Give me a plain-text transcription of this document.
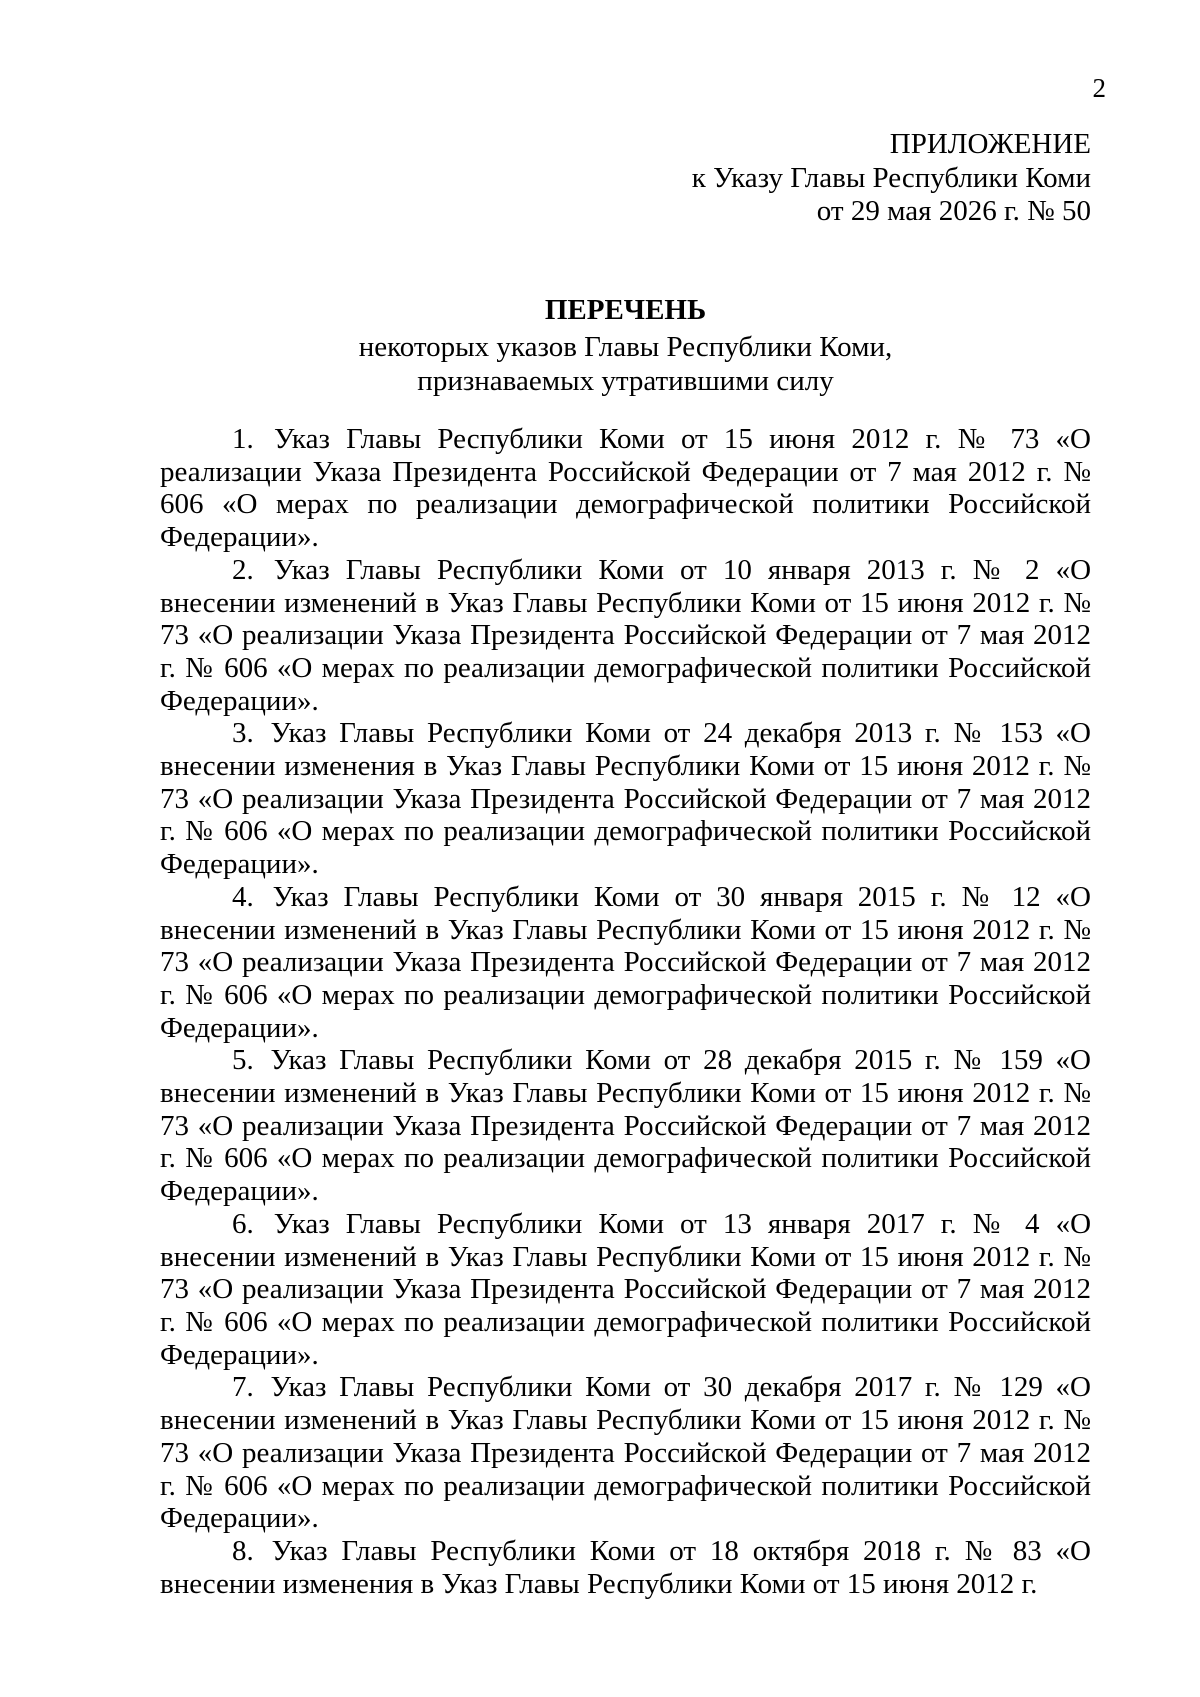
2
ПРИЛОЖЕНИЕ
к Указу Главы Республики Коми
от 29 мая 2026 г. № 50
ПЕРЕЧЕНЬ
некоторых указов Главы Республики Коми,
признаваемых утратившими силу

1. Указ Главы Республики Коми от 15 июня 2012 г. № 73 «О реализации Указа Президента Российской Федерации от 7 мая 2012 г. № 606 «О мерах по реализации демографической политики Российской Федерации».

2. Указ Главы Республики Коми от 10 января 2013 г. № 2 «О внесении изменений в Указ Главы Республики Коми от 15 июня 2012 г. № 73 «О реализации Указа Президента Российской Федерации от 7 мая 2012 г. № 606 «О мерах по реализации демографической политики Российской Федерации».

3. Указ Главы Республики Коми от 24 декабря 2013 г. № 153 «О внесении изменения в Указ Главы Республики Коми от 15 июня 2012 г. № 73 «О реализации Указа Президента Российской Федерации от 7 мая 2012 г. № 606 «О мерах по реализации демографической политики Российской Федерации».

4. Указ Главы Республики Коми от 30 января 2015 г. № 12 «О внесении изменений в Указ Главы Республики Коми от 15 июня 2012 г. № 73 «О реализации Указа Президента Российской Федерации от 7 мая 2012 г. № 606 «О мерах по реализации демографической политики Российской Федерации».

5. Указ Главы Республики Коми от 28 декабря 2015 г. № 159 «О внесении изменений в Указ Главы Республики Коми от 15 июня 2012 г. № 73 «О реализации Указа Президента Российской Федерации от 7 мая 2012 г. № 606 «О мерах по реализации демографической политики Российской Федерации».

6. Указ Главы Республики Коми от 13 января 2017 г. № 4 «О внесении изменений в Указ Главы Республики Коми от 15 июня 2012 г. № 73 «О реализации Указа Президента Российской Федерации от 7 мая 2012 г. № 606 «О мерах по реализации демографической политики Российской Федерации».

7. Указ Главы Республики Коми от 30 декабря 2017 г. № 129 «О внесении изменений в Указ Главы Республики Коми от 15 июня 2012 г. № 73 «О реализации Указа Президента Российской Федерации от 7 мая 2012 г. № 606 «О мерах по реализации демографической политики Российской Федерации».

8. Указ Главы Республики Коми от 18 октября 2018 г. № 83 «О внесении изменения в Указ Главы Республики Коми от 15 июня 2012 г.
